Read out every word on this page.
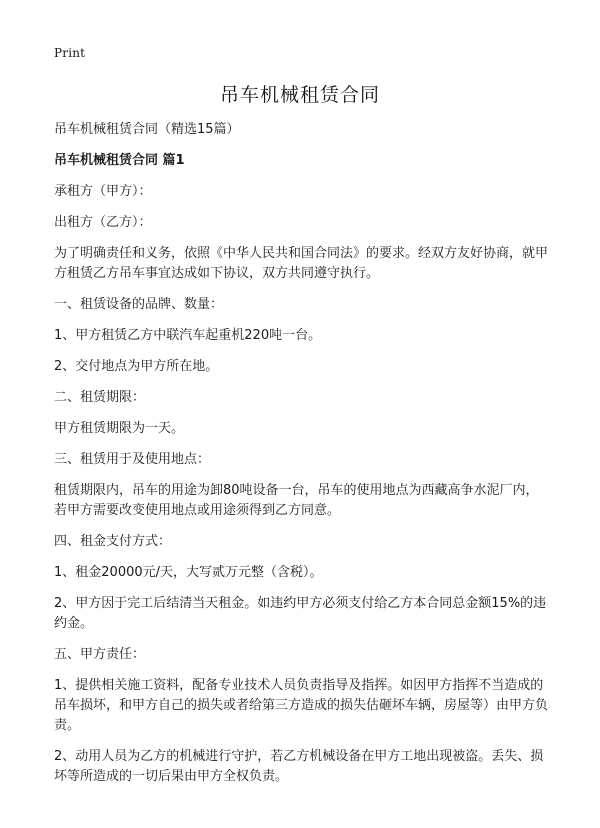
Print
吊车机械租赁合同

吊车机械租赁合同（精选15篇）

吊车机械租赁合同 篇1

承租方（甲方）：

出租方（乙方）：

为了明确责任和义务，依照《中华人民共和国合同法》的要求。经双方友好协商，就甲方租赁乙方吊车事宜达成如下协议，双方共同遵守执行。

一、租赁设备的品牌、数量：

1、甲方租赁乙方中联汽车起重机220吨一台。

2、交付地点为甲方所在地。

二、租赁期限：

甲方租赁期限为一天。

三、租赁用于及使用地点：

租赁期限内，吊车的用途为卸80吨设备一台，吊车的使用地点为西藏高争水泥厂内，若甲方需要改变使用地点或用途须得到乙方同意。

四、租金支付方式：

1、租金20000元/天，大写贰万元整（含税）。

2、甲方因于完工后结清当天租金。如违约甲方必须支付给乙方本合同总金额15%的违约金。

五、甲方责任：

1、提供相关施工资料，配备专业技术人员负责指导及指挥。如因甲方指挥不当造成的吊车损坏，和甲方自己的损失或者给第三方造成的损失估砸坏车辆，房屋等）由甲方负责。

2、动用人员为乙方的机械进行守护，若乙方机械设备在甲方工地出现被盗。丢失、损坏等所造成的一切后果由甲方全权负责。
